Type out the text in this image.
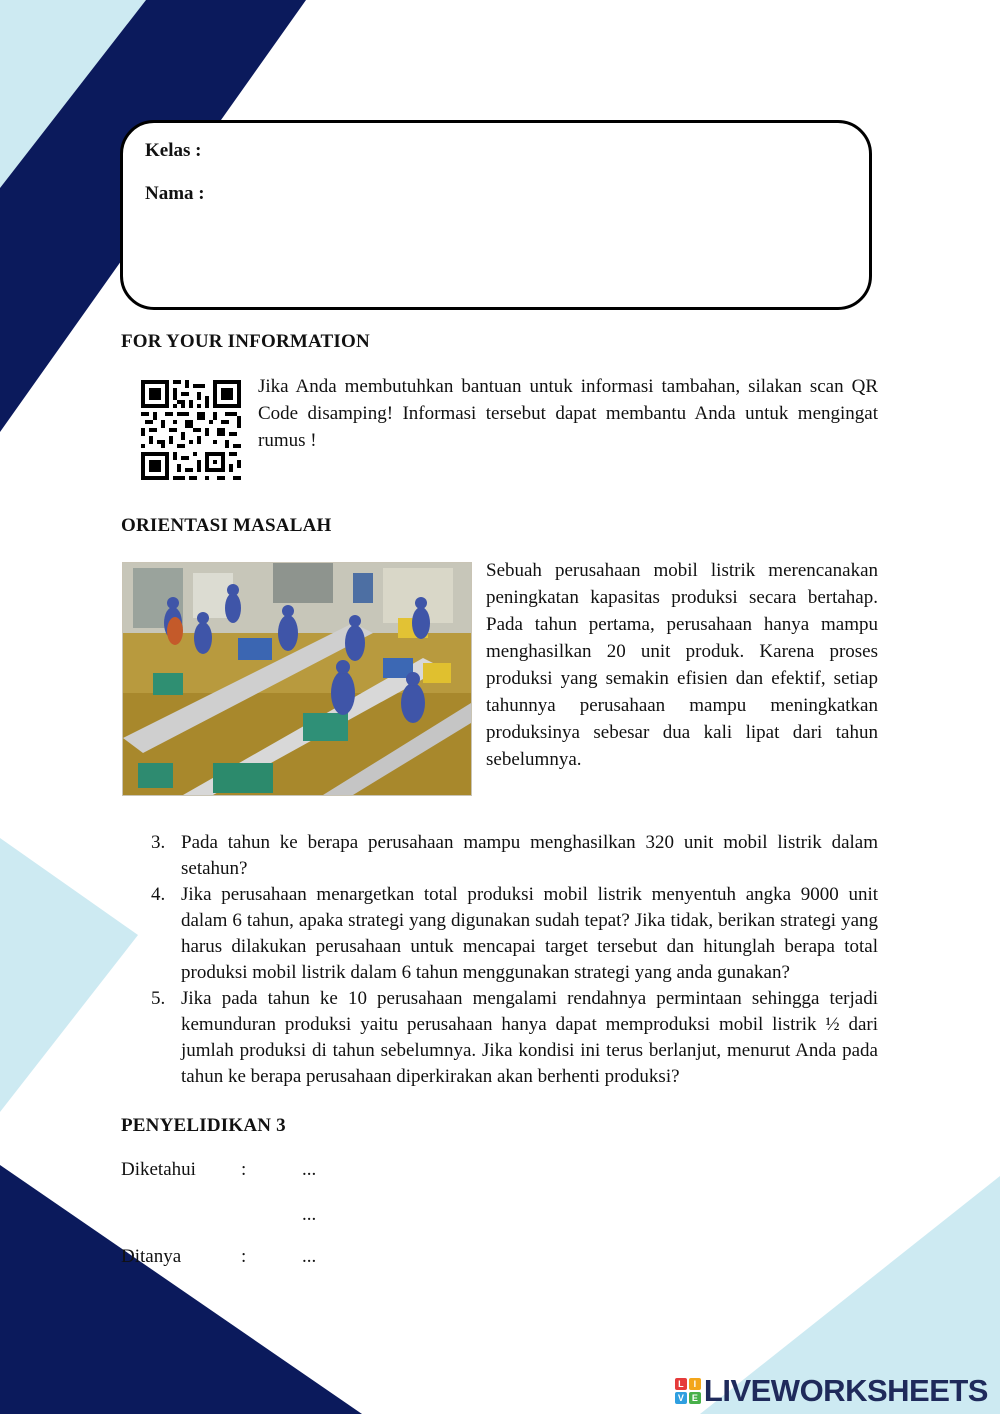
Kelas :
Nama :
FOR YOUR INFORMATION
Jika Anda membutuhkan bantuan untuk informasi tambahan, silakan scan QR Code disamping! Informasi tersebut dapat membantu Anda untuk mengingat rumus !
ORIENTASI MASALAH
Sebuah perusahaan mobil listrik merencanakan peningkatan kapasitas produksi secara bertahap. Pada tahun pertama, perusahaan hanya mampu menghasilkan 20 unit produk. Karena proses produksi yang semakin efisien dan efektif, setiap tahunnya perusahaan mampu meningkatkan produksinya sebesar dua kali lipat dari tahun sebelumnya.
3. Pada tahun ke berapa perusahaan mampu menghasilkan 320 unit mobil listrik dalam setahun?
4. Jika perusahaan menargetkan total produksi mobil listrik menyentuh angka 9000 unit dalam 6 tahun, apaka strategi yang digunakan sudah tepat? Jika tidak, berikan strategi yang harus dilakukan perusahaan untuk mencapai target tersebut dan hitunglah berapa total produksi mobil listrik dalam 6 tahun menggunakan strategi yang anda gunakan?
5. Jika pada tahun ke 10 perusahaan mengalami rendahnya permintaan sehingga terjadi kemunduran produksi yaitu perusahaan hanya dapat memproduksi mobil listrik ½ dari jumlah produksi di tahun sebelumnya. Jika kondisi ini terus berlanjut, menurut Anda pada tahun ke berapa perusahaan diperkirakan akan berhenti produksi?
PENYELIDIKAN 3
Diketahui :	...
...
Ditanya	:	...
L	I
V E LIVEWORKSHEETS
